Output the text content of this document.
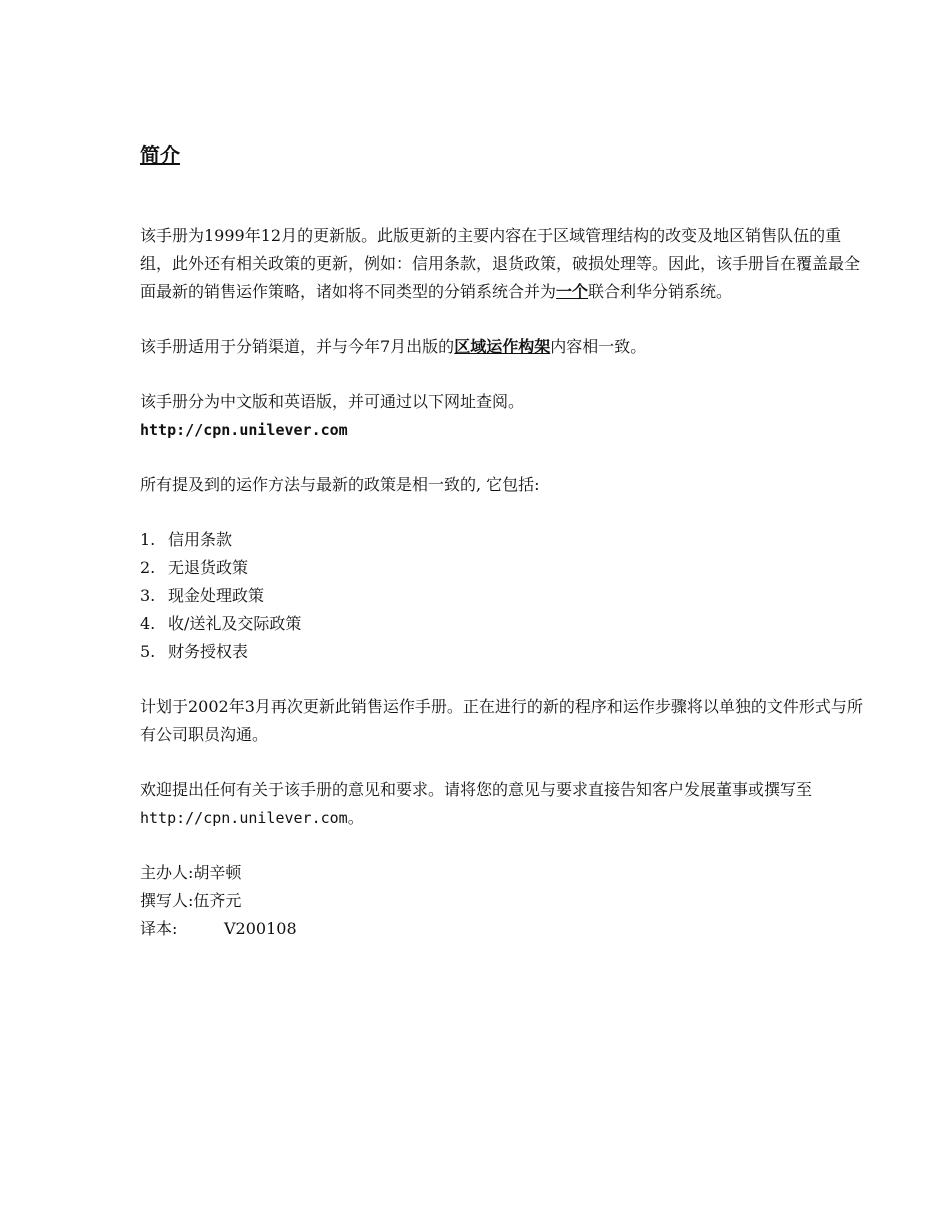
简介

该手册为1999年12月的更新版。此版更新的主要内容在于区域管理结构的改变及地区销售队伍的重组，此外还有相关政策的更新，例如：信用条款，退货政策，破损处理等。因此，该手册旨在覆盖最全面最新的销售运作策略，诸如将不同类型的分销系统合并为一个联合利华分销系统。

该手册适用于分销渠道，并与今年7月出版的区域运作构架内容相一致。

该手册分为中文版和英语版，并可通过以下网址查阅。
http://cpn.unilever.com

所有提及到的运作方法与最新的政策是相一致的, 它包括:

1. 信用条款
2. 无退货政策
3. 现金处理政策
4. 收/送礼及交际政策
5. 财务授权表

计划于2002年3月再次更新此销售运作手册。正在进行的新的程序和运作步骤将以单独的文件形式与所有公司职员沟通。

欢迎提出任何有关于该手册的意见和要求。请将您的意见与要求直接告知客户发展董事或撰写至 http://cpn.unilever.com。

主办人:胡辛顿
撰写人:伍齐元
译本:	V200108
